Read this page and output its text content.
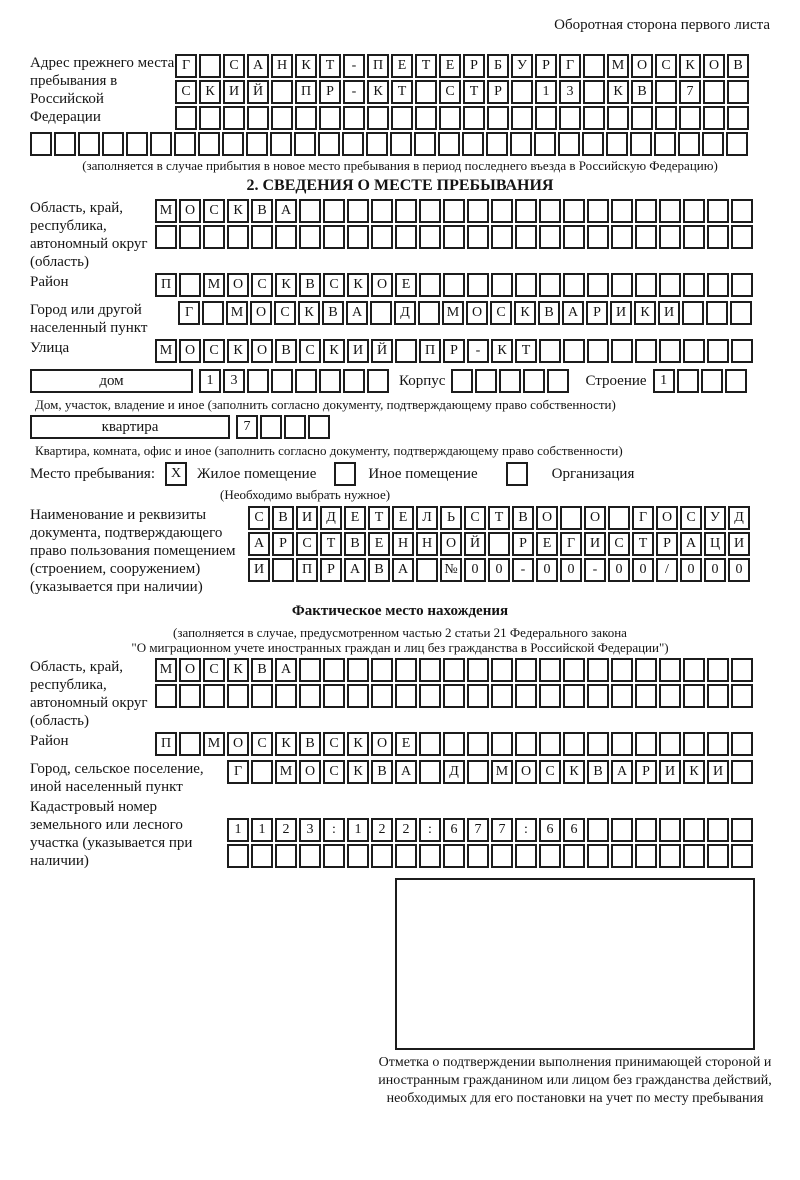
Оборотная сторона первого листа
Адрес прежнего места пребывания в Российской Федерации
Г	С А Н К Т - П Е Т Е Р Б У Р Г	М О С К О В
С К И Й	П Р - К Т	С Т Р	1 3	К В	7
(заполняется в случае прибытия в новое место пребывания в период последнего въезда в Российскую Федерацию)
2. СВЕДЕНИЯ О МЕСТЕ ПРЕБЫВАНИЯ
Область, край, республика, автономный округ (область)
М О С К В А
Район	П	М О С К В С К О Е
Город или другой населенный пункт
Г	М О С К В А	Д	М О С К В А Р И К И
Улица	М О С К О В С К И Й	П Р - К Т
дом	1 3	Корпус	Строение 1
Дом, участок, владение и иное (заполнить согласно документу, подтверждающему право собственности)
квартира	7
Квартира, комната, офис и иное (заполнить согласно документу, подтверждающему право собственности)
Место пребывания:	X	Жилое помещение	Иное помещение	Организация
(Необходимо выбрать нужное)
Наименование и реквизиты документа, подтверждающего право пользования помещением (строением, сооружением) (указывается при наличии)
С В И Д Е Т Е Л Ь С Т В О	О	Г О С У Д
А Р С Т В Е Н Н О Й	Р Е Г И С Т Р А Ц И
И	П Р А В А	№ 0 0 - 0 0 - 0 0 / 0 0 0
Фактическое место нахождения
(заполняется в случае, предусмотренном частью 2 статьи 21 Федерального закона
"О миграционном учете иностранных граждан и лиц без гражданства в Российской Федерации")
Область, край, республика, автономный округ (область)
М О С К В А
Район	П	М О С К В С К О Е
Город, сельское поселение, иной населенный пункт
Г	М О С К В А	Д	М О С К В А Р И К И
Кадастровый номер земельного или лесного участка (указывается при наличии)
1 1 2 3 : 1 2 2 : 6 7 7 : 6 6
Отметка о подтверждении выполнения принимающей стороной и иностранным гражданином или лицом без гражданства действий, необходимых для его постановки на учет по месту пребывания
